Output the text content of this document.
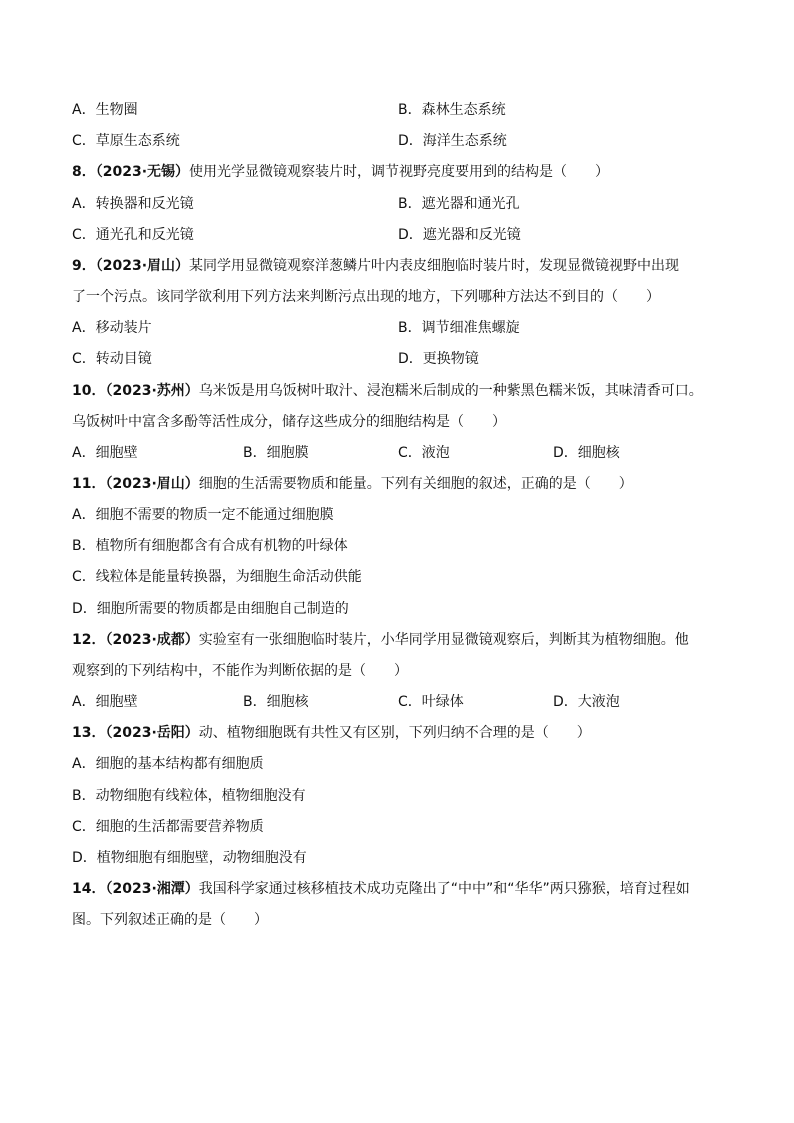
A．生物圈	B．森林生态系统
C．草原生态系统	D．海洋生态系统
8．（2023·无锡）使用光学显微镜观察装片时，调节视野亮度要用到的结构是（　　）
A．转换器和反光镜	B．遮光器和通光孔
C．通光孔和反光镜	D．遮光器和反光镜
9．（2023·眉山）某同学用显微镜观察洋葱鳞片叶内表皮细胞临时装片时，发现显微镜视野中出现
了一个污点。该同学欲利用下列方法来判断污点出现的地方，下列哪种方法达不到目的（　　）
A．移动装片	B．调节细准焦螺旋
C．转动目镜	D．更换物镜
10．（2023·苏州）乌米饭是用乌饭树叶取汁、浸泡糯米后制成的一种紫黑色糯米饭，其味清香可口。
乌饭树叶中富含多酚等活性成分，储存这些成分的细胞结构是（　　）
A．细胞壁	B．细胞膜	C．液泡	D．细胞核
11．（2023·眉山）细胞的生活需要物质和能量。下列有关细胞的叙述，正确的是（　　）
A．细胞不需要的物质一定不能通过细胞膜
B．植物所有细胞都含有合成有机物的叶绿体
C．线粒体是能量转换器，为细胞生命活动供能
D．细胞所需要的物质都是由细胞自己制造的
12．（2023·成都）实验室有一张细胞临时装片，小华同学用显微镜观察后，判断其为植物细胞。他
观察到的下列结构中，不能作为判断依据的是（　　）
A．细胞壁	B．细胞核	C．叶绿体	D．大液泡
13．（2023·岳阳）动、植物细胞既有共性又有区别，下列归纳不合理的是（　　）
A．细胞的基本结构都有细胞质
B．动物细胞有线粒体，植物细胞没有
C．细胞的生活都需要营养物质
D．植物细胞有细胞壁，动物细胞没有
14．（2023·湘潭）我国科学家通过核移植技术成功克隆出了“中中”和“华华”两只猕猴，培育过程如
图。下列叙述正确的是（　　）
